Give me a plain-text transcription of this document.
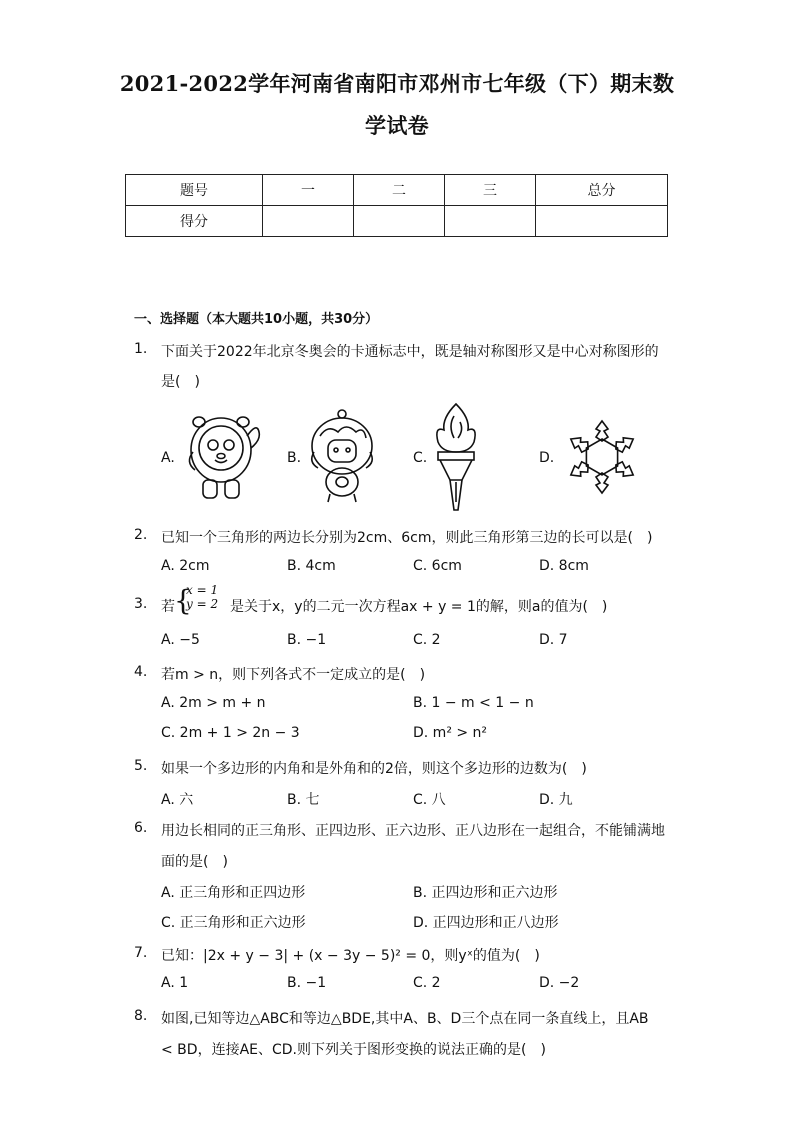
2021-2022学年河南省南阳市邓州市七年级（下）期末数
学试卷
题号	一	二	三	总分
得分				
一、选择题（本大题共10小题，共30分）
1. 下面关于2022年北京冬奥会的卡通标志中，既是轴对称图形又是中心对称图形的
是(　)
A.	B.	C.	D.
2. 已知一个三角形的两边长分别为2cm、6cm，则此三角形第三边的长可以是(　)
A. 2cm	B. 4cm	C. 6cm	D. 8cm
3. 若 {
x = 1
y = 2 是关于x，y的二元一次方程ax + y = 1的解，则a的值为(　)
A. −5	B. −1	C. 2	D. 7
4. 若m > n，则下列各式不一定成立的是(　)
A. 2m > m + n	B. 1 − m < 1 − n
C. 2m + 1 > 2n − 3	D. m² > n²
5. 如果一个多边形的内角和是外角和的2倍，则这个多边形的边数为(　)
A. 六	B. 七	C. 八	D. 九
6. 用边长相同的正三角形、正四边形、正六边形、正八边形在一起组合，不能铺满地
面的是(　)
A. 正三角形和正四边形	B. 正四边形和正六边形
C. 正三角形和正六边形	D. 正四边形和正八边形
7. 已知：|2x + y − 3| + (x − 3y − 5)² = 0，则yˣ的值为(　)
A. 1	B. −1	C. 2	D. −2
8. 如图,已知等边△ABC和等边△BDE,其中A、B、D三个点在同一条直线上，且AB
< BD，连接AE、CD.则下列关于图形变换的说法正确的是(　)
